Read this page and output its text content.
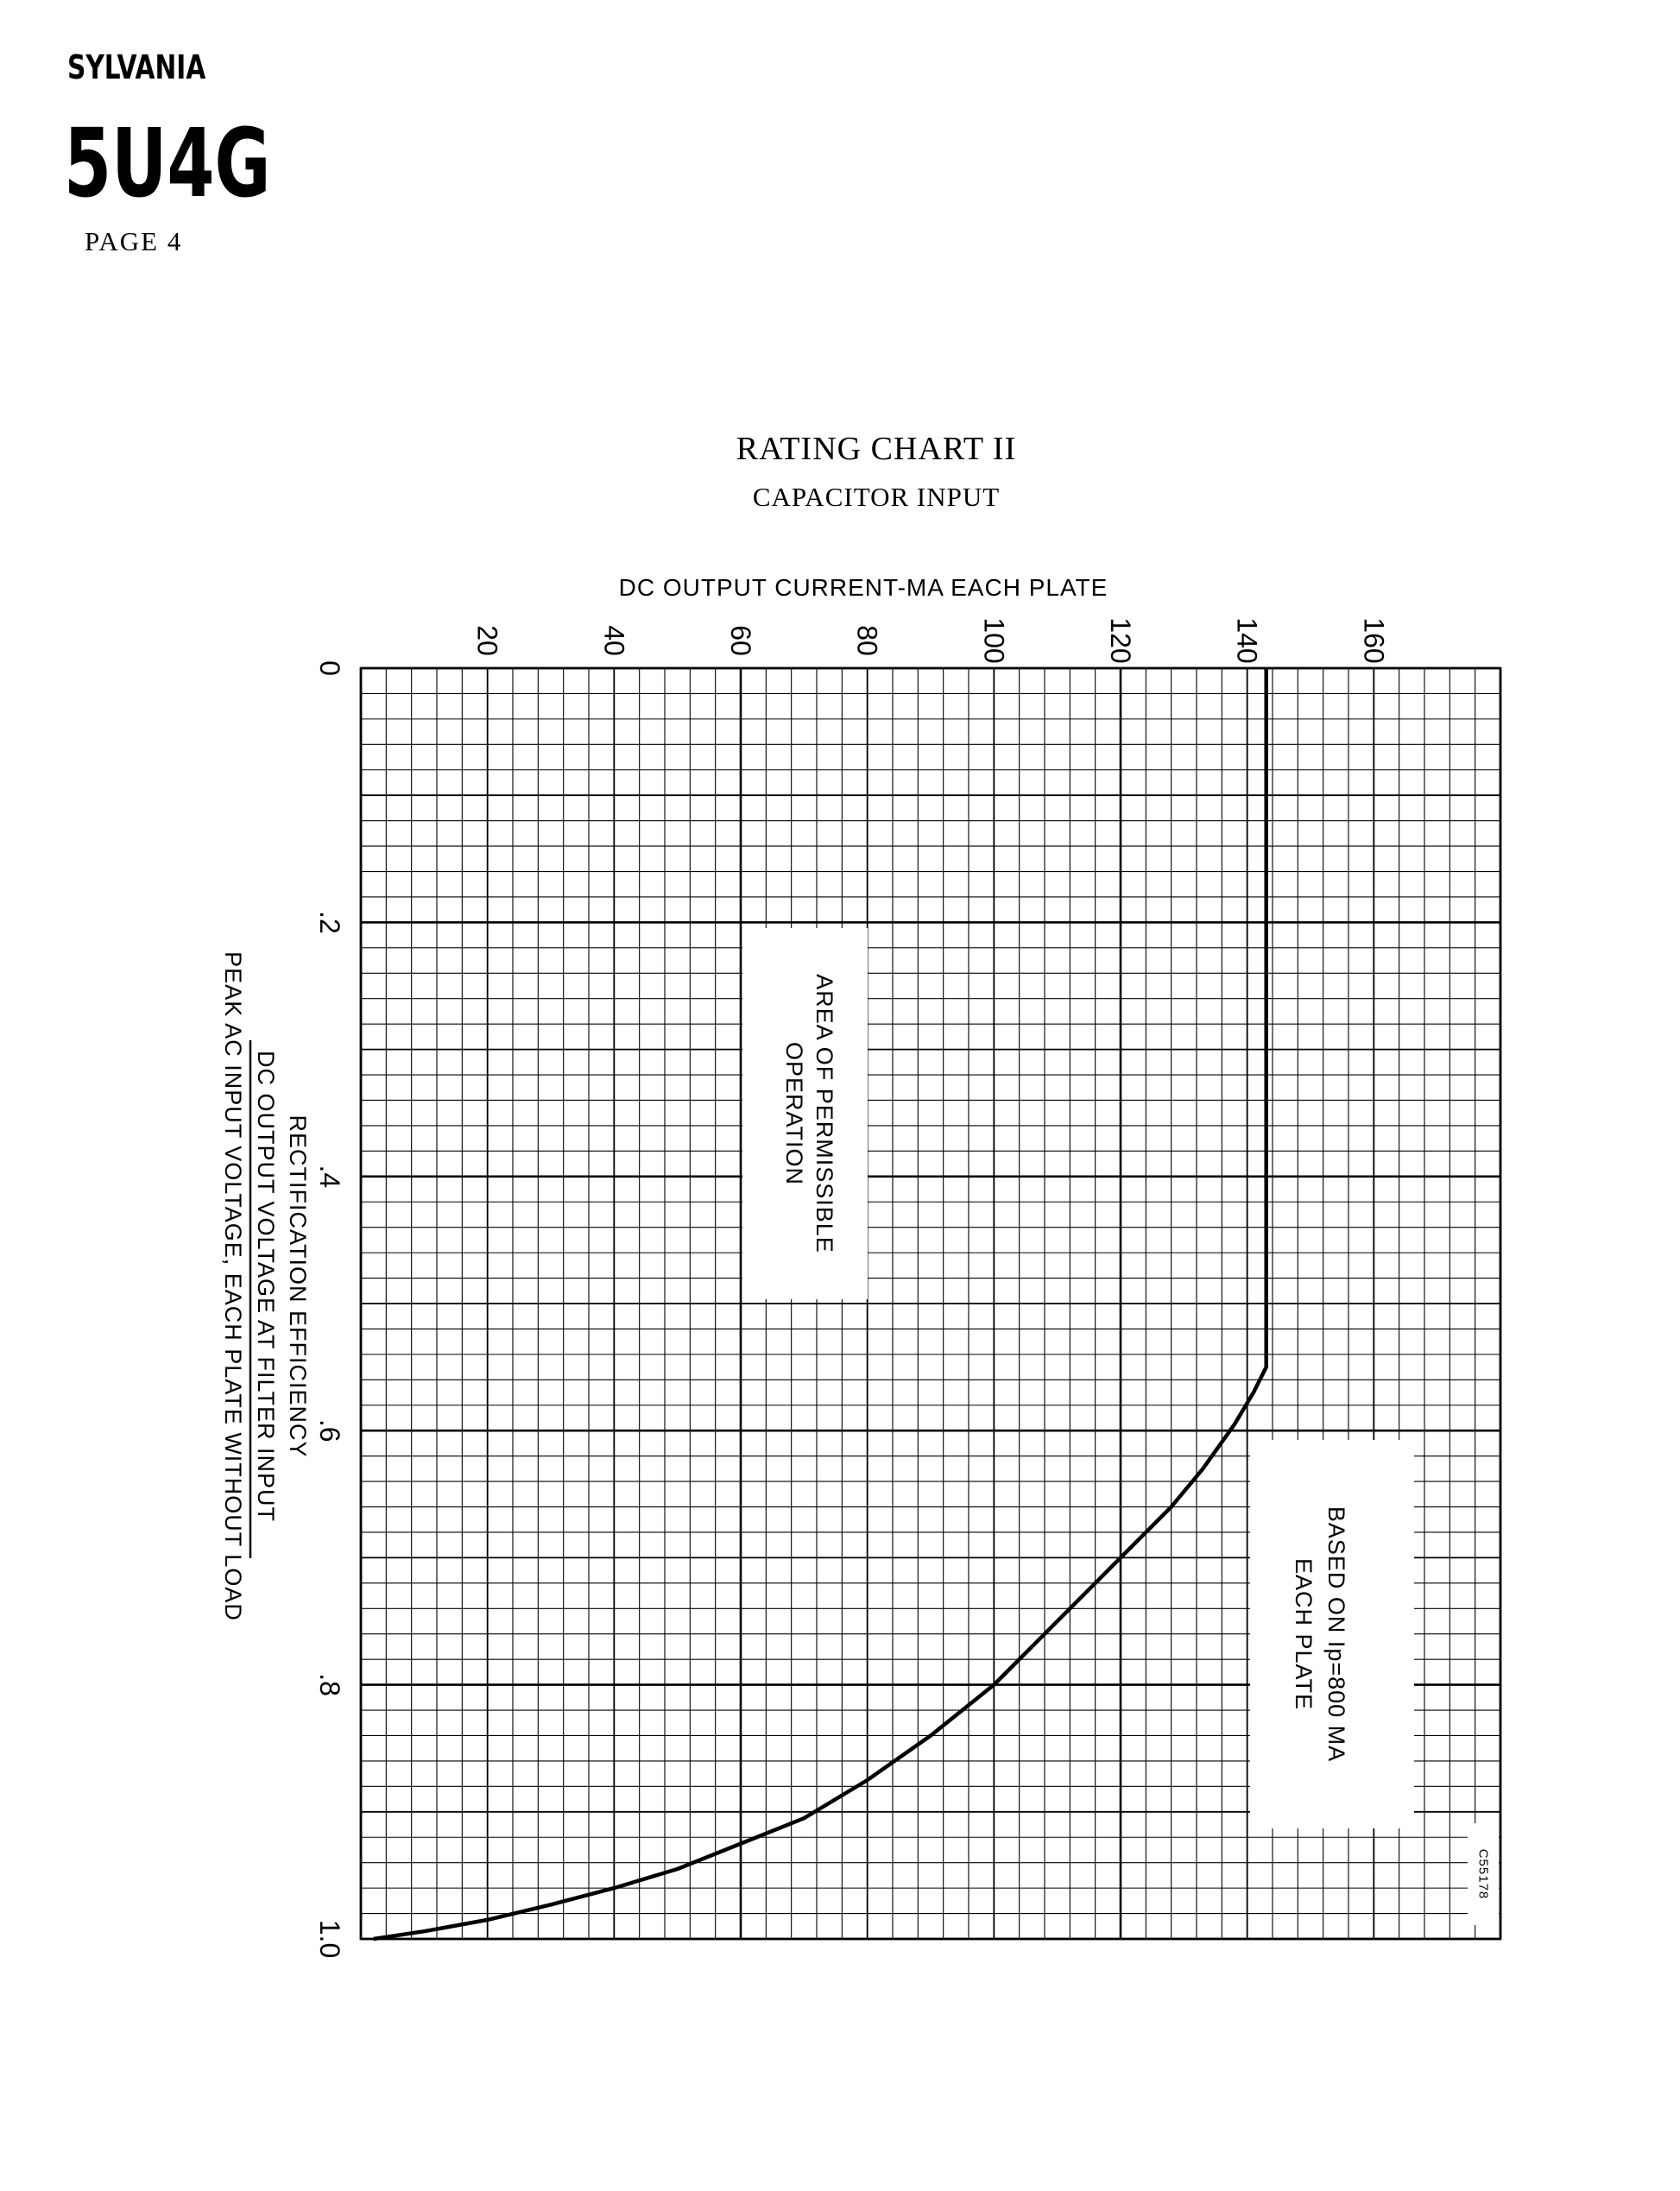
SYLVANIA
5U4G
PAGE 4
RATING CHART II
CAPACITOR INPUT
DC OUTPUT CURRENT-MA EACH PLATE
20	40	60	80	100	120	140	160
0
.2
.4
.6
.8
1.0
RECTIFICATION EFFICIENCY
DC OUTPUT VOLTAGE AT FILTER INPUT
PEAK AC INPUT VOLTAGE, EACH PLATE WITHOUT LOAD	AREA OF PERMISSIBLE
OPERATION
BASED ON Ip=800 MA
EACH PLATE
C55178
